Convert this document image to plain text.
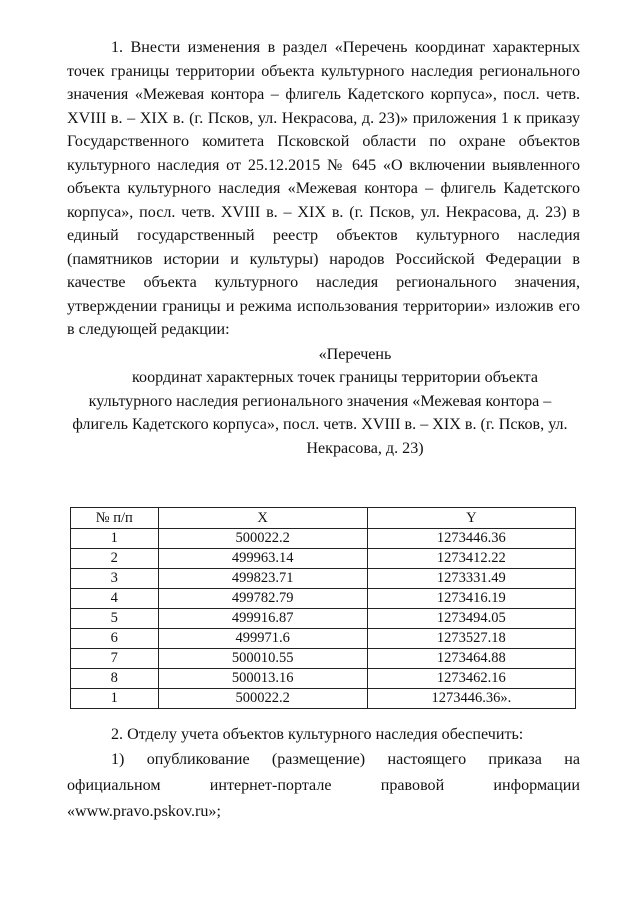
1. Внести изменения в раздел «Перечень координат характерных точек границы территории объекта культурного наследия регионального значения «Межевая контора – флигель Кадетского корпуса», посл. четв. XVIII в. – XIX в. (г. Псков, ул. Некрасова, д. 23)» приложения 1 к приказу Государственного комитета Псковской области по охране объектов культурного наследия от 25.12.2015 № 645 «О включении выявленного объекта культурного наследия «Межевая контора – флигель Кадетского корпуса», посл. четв. XVIII в. – XIX в. (г. Псков, ул. Некрасова, д. 23) в единый государственный реестр объектов культурного наследия (памятников истории и культуры) народов Российской Федерации в качестве объекта культурного наследия регионального значения, утверждении границы и режима использования территории» изложив его в следующей редакции:

«Перечень
координат характерных точек границы территории объекта
культурного наследия регионального значения «Межевая контора –
флигель Кадетского корпуса», посл. четв. XVIII в. – XIX в. (г. Псков, ул.
Некрасова, д. 23)
№ п/п	X	Y
1	500022.2	1273446.36
2	499963.14	1273412.22
3	499823.71	1273331.49
4	499782.79	1273416.19
5	499916.87	1273494.05
6	499971.6	1273527.18
7	500010.55	1273464.88
8	500013.16	1273462.16
1	500022.2	1273446.36».

2. Отделу учета объектов культурного наследия обеспечить:

1) опубликование (размещение) настоящего приказа на официальном интернет-портале правовой информации «www.pravo.pskov.ru»;
